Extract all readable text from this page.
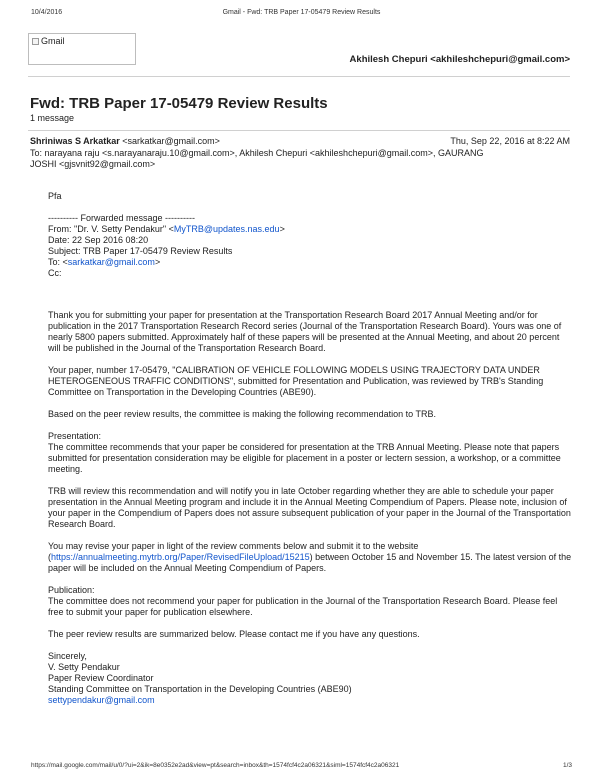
10/4/2016	Gmail - Fwd: TRB Paper 17-05479 Review Results
Gmail
Akhilesh Chepuri <akhileshchepuri@gmail.com>
Fwd: TRB Paper 17-05479 Review Results
1 message
Shriniwas S Arkatkar <sarkatkar@gmail.com>	Thu, Sep 22, 2016 at 8:22 AM
To: narayana raju <s.narayanaraju.10@gmail.com>, Akhilesh Chepuri <akhileshchepuri@gmail.com>, GAURANG
JOSHI <gjsvnit92@gmail.com>

Pfa

---------- Forwarded message ----------

From: "Dr. V. Setty Pendakur" <MyTRB@updates.nas.edu>

Date: 22 Sep 2016 08:20

Subject: TRB Paper 17-05479 Review Results

To: <sarkatkar@gmail.com>

Cc:

Thank you for submitting your paper for presentation at the Transportation Research Board 2017 Annual Meeting and/or for publication in the 2017 Transportation Research Record series (Journal of the Transportation Research Board). Yours was one of nearly 5800 papers submitted. Approximately half of these papers will be presented at the Annual Meeting, and about 20 percent will be published in the Journal of the Transportation Research Board.

Your paper, number 17-05479, "CALIBRATION OF VEHICLE FOLLOWING MODELS USING TRAJECTORY DATA UNDER HETEROGENEOUS TRAFFIC CONDITIONS", submitted for Presentation and Publication, was reviewed by TRB's Standing Committee on Transportation in the Developing Countries (ABE90).

Based on the peer review results, the committee is making the following recommendation to TRB.

Presentation:

The committee recommends that your paper be considered for presentation at the TRB Annual Meeting. Please note that papers submitted for presentation consideration may be eligible for placement in a poster or lectern session, a workshop, or a committee meeting.

TRB will review this recommendation and will notify you in late October regarding whether they are able to schedule your paper presentation in the Annual Meeting program and include it in the Annual Meeting Compendium of Papers. Please note, inclusion of your paper in the Compendium of Papers does not assure subsequent publication of your paper in the Journal of the Transportation Research Board.

You may revise your paper in light of the review comments below and submit it to the website (https://annualmeeting.mytrb.org/Paper/RevisedFileUpload/15215) between October 15 and November 15. The latest version of the paper will be included on the Annual Meeting Compendium of Papers.

Publication:

The committee does not recommend your paper for publication in the Journal of the Transportation Research Board. Please feel free to submit your paper for publication elsewhere.

The peer review results are summarized below. Please contact me if you have any questions.

Sincerely,

V. Setty Pendakur

Paper Review Coordinator

Standing Committee on Transportation in the Developing Countries (ABE90)

settypendakur@gmail.com

https://mail.google.com/mail/u/0/?ui=2&ik=8e0352e2ad&view=pt&search=inbox&th=1574fcf4c2a06321&siml=1574fcf4c2a06321	1/3
